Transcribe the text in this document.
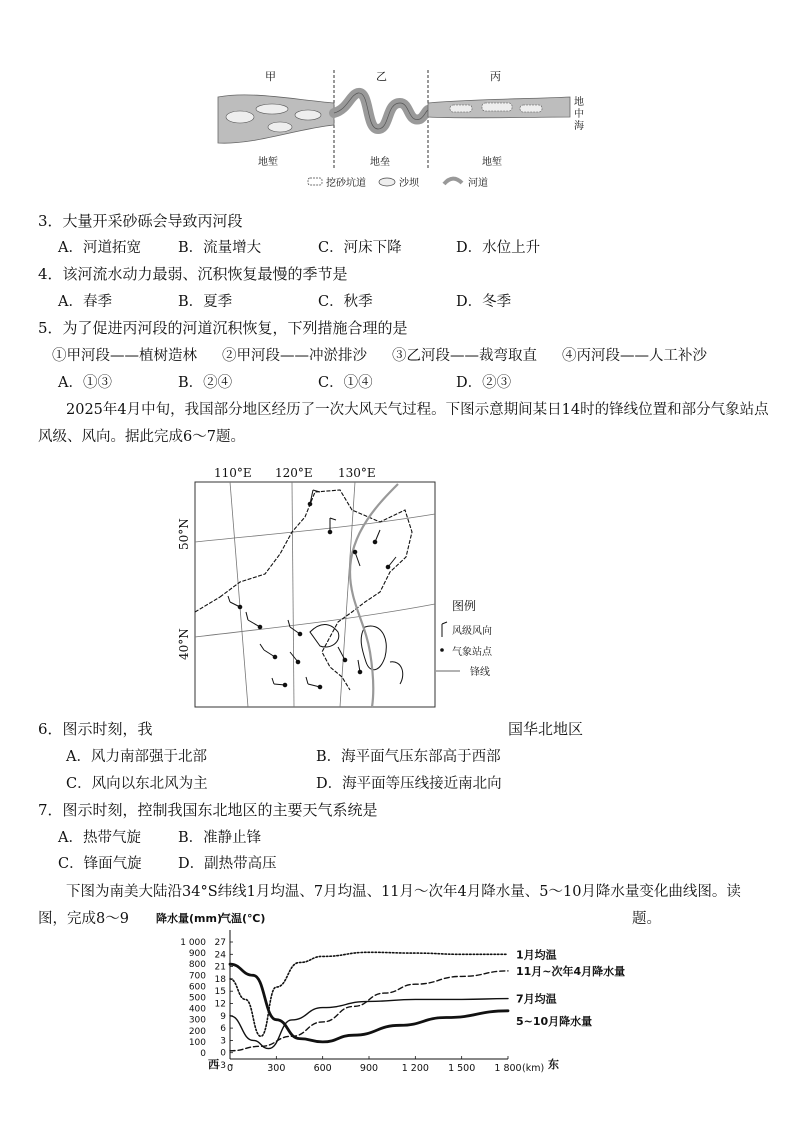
甲	乙	丙
地
中
海
地堑	地垒	地堑
挖砂坑道	沙坝	河道
3．大量开采砂砾会导致丙河段
A．河道拓宽	B．流量增大	C．河床下降	D．水位上升
4．该河流水动力最弱、沉积恢复最慢的季节是
A．春季	B．夏季	C．秋季	D．冬季
5．为了促进丙河段的河道沉积恢复，下列措施合理的是
①甲河段——植树造林 ②甲河段——冲淤排沙 ③乙河段——裁弯取直 ④丙河段——人工补沙
A．①③	B．②④	C．①④	D．②③
2025年4月中旬，我国部分地区经历了一次大风天气过程。下图示意期间某日14时的锋线位置和部分气象站点
风级、风向。据此完成6～7题。
110°E 120°E 130°E
50°N
40°N
图例
风级风向
气象站点
锋线
6．图示时刻，我	国华北地区
A．风力南部强于北部	B．海平面气压东部高于西部
C．风向以东北风为主	D．海平面等压线接近南北向
7．图示时刻，控制我国东北地区的主要天气系统是
A．热带气旋	B．准静止锋
C．锋面气旋	D．副热带高压
下图为南美大陆沿34°S纬线1月均温、7月均温、11月～次年4月降水量、5～10月降水量变化曲线图。读
图，完成8～9	题。
降水量(mm)
气温(℃)
0
100
200
300
400
500
600
700
800
900
1 000
-3
0
3
6
9
12
15
18
21
24
27
0	300	600	900 1 200 1 500 1 800 (km)
1月均温
11月~次年4月降水量
7月均温
5~10月降水量
西	东
